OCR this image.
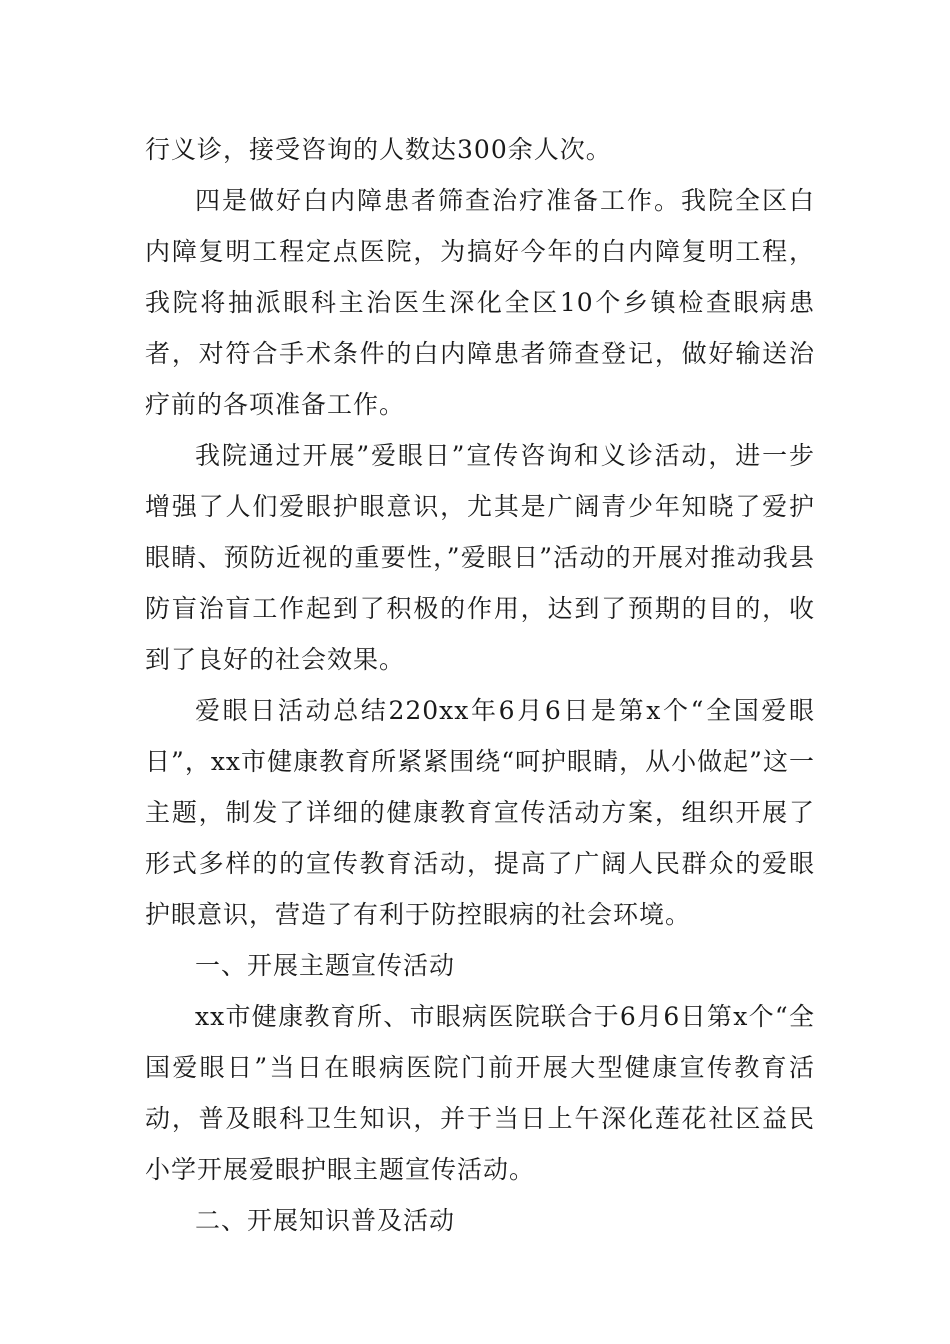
行义诊，接受咨询的人数达300余人次。

四是做好白内障患者筛查治疗准备工作。我院全区白内障复明工程定点医院，为搞好今年的白内障复明工程，我院将抽派眼科主治医生深化全区10个乡镇检查眼病患者，对符合手术条件的白内障患者筛查登记，做好输送治疗前的各项准备工作。

我院通过开展”爱眼日”宣传咨询和义诊活动，进一步增强了人们爱眼护眼意识，尤其是广阔青少年知晓了爱护眼睛、预防近视的重要性，”爱眼日”活动的开展对推动我县防盲治盲工作起到了积极的作用，达到了预期的目的，收到了良好的社会效果。

爱眼日活动总结220xx年6月6日是第x个“全国爱眼日”，xx市健康教育所紧紧围绕“呵护眼睛，从小做起”这一主题，制发了详细的健康教育宣传活动方案，组织开展了形式多样的的宣传教育活动，提高了广阔人民群众的爱眼护眼意识，营造了有利于防控眼病的社会环境。

一、开展主题宣传活动

xx市健康教育所、市眼病医院联合于6月6日第x个“全国爱眼日”当日在眼病医院门前开展大型健康宣传教育活动，普及眼科卫生知识，并于当日上午深化莲花社区益民小学开展爱眼护眼主题宣传活动。

二、开展知识普及活动
